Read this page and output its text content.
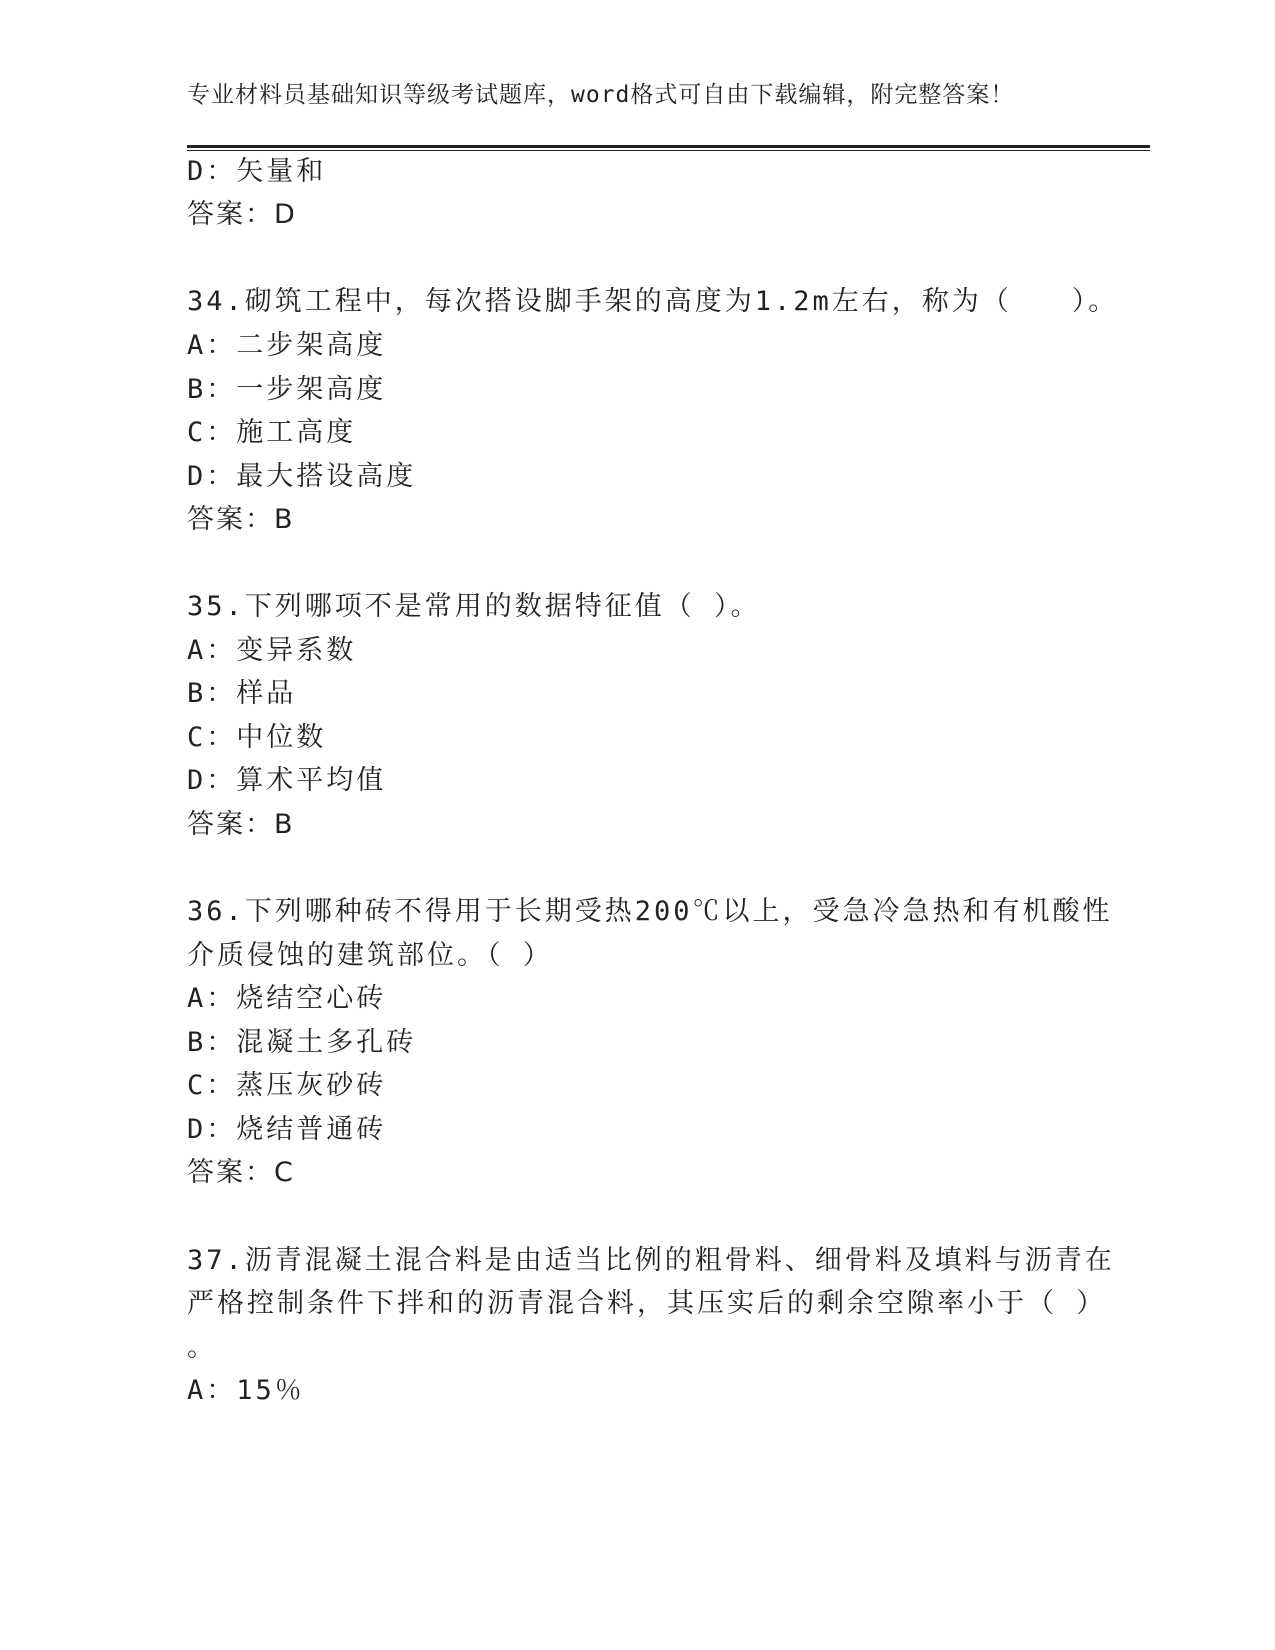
专业材料员基础知识等级考试题库，word格式可自由下载编辑，附完整答案！
D：矢量和
答案：D
34.砌筑工程中，每次搭设脚手架的高度为1.2m左右，称为（　　）。
A：二步架高度
B：一步架高度
C：施工高度
D：最大搭设高度
答案：B
35.下列哪项不是常用的数据特征值（ ）。
A：变异系数
B：样品
C：中位数
D：算术平均值
答案：B
36.下列哪种砖不得用于长期受热200℃以上，受急冷急热和有机酸性
介质侵蚀的建筑部位。（ ）
A：烧结空心砖
B：混凝土多孔砖
C：蒸压灰砂砖
D：烧结普通砖
答案：C
37.沥青混凝土混合料是由适当比例的粗骨料、细骨料及填料与沥青在
严格控制条件下拌和的沥青混合料，其压实后的剩余空隙率小于（ ）
。
A：15％
